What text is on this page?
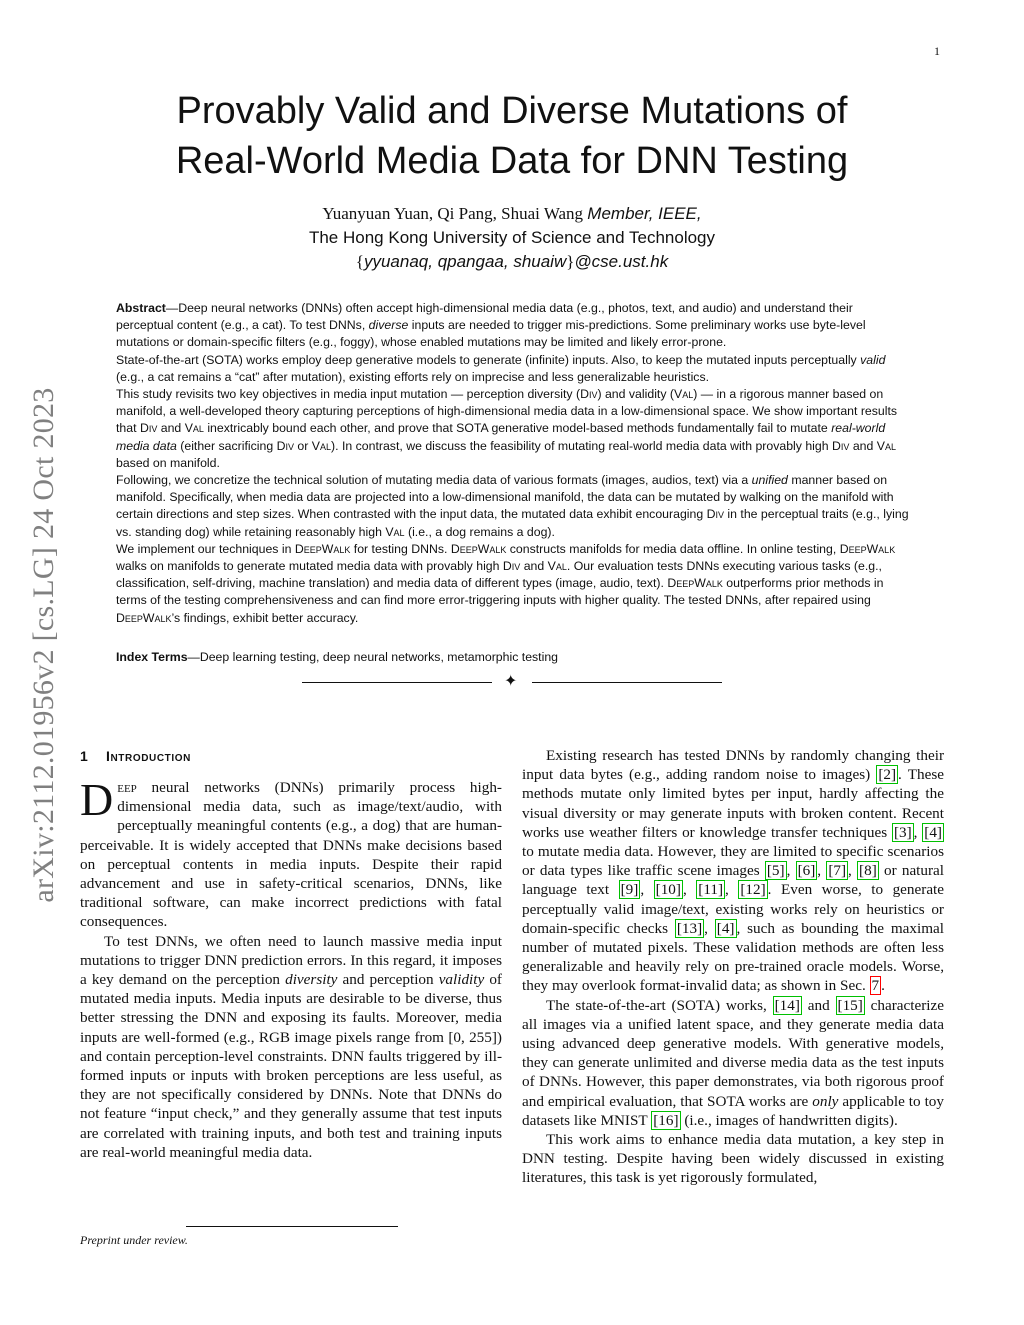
1
arXiv:2112.01956v2 [cs.LG] 24 Oct 2023
Provably Valid and Diverse Mutations of
Real-World Media Data for DNN Testing
Yuanyuan Yuan, Qi Pang, Shuai Wang Member, IEEE,
The Hong Kong University of Science and Technology
{yyuanaq, qpangaa, shuaiw}@cse.ust.hk

Abstract—Deep neural networks (DNNs) often accept high-dimensional media data (e.g., photos, text, and audio) and understand their perceptual content (e.g., a cat). To test DNNs, diverse inputs are needed to trigger mis-predictions. Some preliminary works use byte-level mutations or domain-specific filters (e.g., foggy), whose enabled mutations may be limited and likely error-prone.

State-of-the-art (SOTA) works employ deep generative models to generate (infinite) inputs. Also, to keep the mutated inputs perceptually valid (e.g., a cat remains a “cat” after mutation), existing efforts rely on imprecise and less generalizable heuristics.

This study revisits two key objectives in media input mutation — perception diversity (Div) and validity (Val) — in a rigorous manner based on manifold, a well-developed theory capturing perceptions of high-dimensional media data in a low-dimensional space. We show important results that Div and Val inextricably bound each other, and prove that SOTA generative model-based methods fundamentally fail to mutate real-world media data (either sacrificing Div or Val). In contrast, we discuss the feasibility of mutating real-world media data with provably high Div and Val based on manifold.

Following, we concretize the technical solution of mutating media data of various formats (images, audios, text) via a unified manner based on manifold. Specifically, when media data are projected into a low-dimensional manifold, the data can be mutated by walking on the manifold with certain directions and step sizes. When contrasted with the input data, the mutated data exhibit encouraging Div in the perceptual traits (e.g., lying vs. standing dog) while retaining reasonably high Val (i.e., a dog remains a dog).

We implement our techniques in DeepWalk for testing DNNs. DeepWalk constructs manifolds for media data offline. In online testing, DeepWalk walks on manifolds to generate mutated media data with provably high Div and Val. Our evaluation tests DNNs executing various tasks (e.g., classification, self-driving, machine translation) and media data of different types (image, audio, text). DeepWalk outperforms prior methods in terms of the testing comprehensiveness and can find more error-triggering inputs with higher quality. The tested DNNs, after repaired using DeepWalk’s findings, exhibit better accuracy.

Index Terms—Deep learning testing, deep neural networks, metamorphic testing
✦
1 Introduction

Deep neural networks (DNNs) primarily process high-dimensional media data, such as image/text/audio, with perceptually meaningful contents (e.g., a dog) that are human-perceivable. It is widely accepted that DNNs make decisions based on perceptual contents in media inputs. Despite their rapid advancement and use in safety-critical scenarios, DNNs, like traditional software, can make incorrect predictions with fatal consequences.

To test DNNs, we often need to launch massive media input mutations to trigger DNN prediction errors. In this regard, it imposes a key demand on the perception diversity and perception validity of mutated media inputs. Media inputs are desirable to be diverse, thus better stressing the DNN and exposing its faults. Moreover, media inputs are well-formed (e.g., RGB image pixels range from [0, 255]) and contain perception-level constraints. DNN faults triggered by ill-formed inputs or inputs with broken perceptions are less useful, as they are not specifically considered by DNNs. Note that DNNs do not feature “input check,” and they generally assume that test inputs are correlated with training inputs, and both test and training inputs are real-world meaningful media data.

Existing research has tested DNNs by randomly changing their input data bytes (e.g., adding random noise to images) [2] . These methods mutate only limited bytes per input, hardly affecting the visual diversity or may generate inputs with broken content. Recent works use weather filters or knowledge transfer techniques [3] , [4] to mutate media data. However, they are limited to specific scenarios or data types like traffic scene images [5] , [6] , [7] , [8] or natural language text [9] , [10] , [11] , [12] . Even worse, to generate perceptually valid image/text, existing works rely on heuristics or domain-specific checks [13] , [4] , such as bounding the maximal number of mutated pixels. These validation methods are often less generalizable and heavily rely on pre-trained oracle models. Worse, they may overlook format-invalid data; as shown in Sec. 7 .

The state-of-the-art (SOTA) works, [14] and [15] characterize all images via a unified latent space, and they generate media data using advanced deep generative models. With generative models, they can generate unlimited and diverse media data as the test inputs of DNNs. However, this paper demonstrates, via both rigorous proof and empirical evaluation, that SOTA works are only applicable to toy datasets like MNIST [16] (i.e., images of handwritten digits).

This work aims to enhance media data mutation, a key step in DNN testing. Despite having been widely discussed in existing literatures, this task is yet rigorously formulated,

Preprint under review.
